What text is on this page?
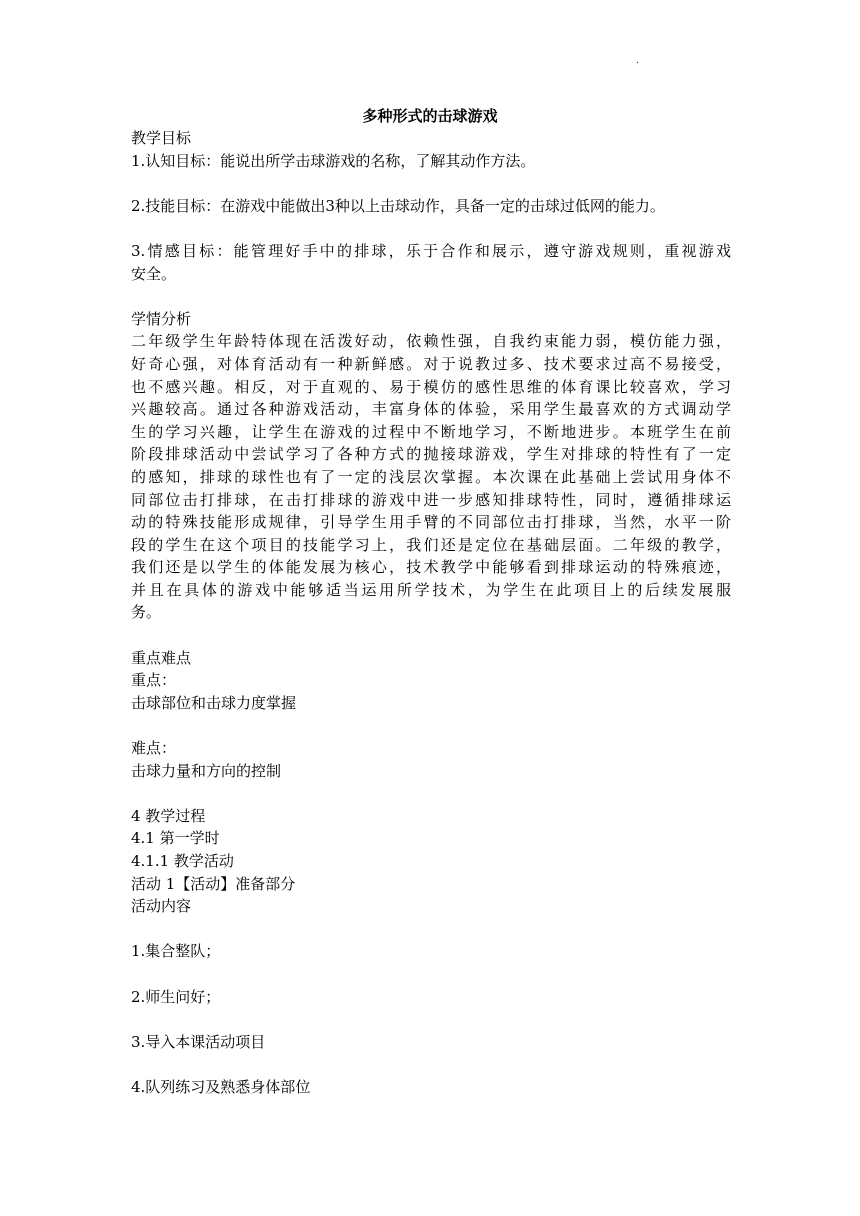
.
多种形式的击球游戏
教学目标
1.认知目标：能说出所学击球游戏的名称，了解其动作方法。
2.技能目标：在游戏中能做出3种以上击球动作，具备一定的击球过低网的能力。
3.情感目标：能管理好手中的排球，乐于合作和展示，遵守游戏规则，重视游戏
安全。
学情分析
二年级学生年龄特体现在活泼好动，依赖性强，自我约束能力弱，模仿能力强，
好奇心强，对体育活动有一种新鲜感。对于说教过多、技术要求过高不易接受，
也不感兴趣。相反，对于直观的、易于模仿的感性思维的体育课比较喜欢，学习
兴趣较高。通过各种游戏活动，丰富身体的体验，采用学生最喜欢的方式调动学
生的学习兴趣，让学生在游戏的过程中不断地学习，不断地进步。本班学生在前
阶段排球活动中尝试学习了各种方式的抛接球游戏，学生对排球的特性有了一定
的感知，排球的球性也有了一定的浅层次掌握。本次课在此基础上尝试用身体不
同部位击打排球，在击打排球的游戏中进一步感知排球特性，同时，遵循排球运
动的特殊技能形成规律，引导学生用手臂的不同部位击打排球，当然，水平一阶
段的学生在这个项目的技能学习上，我们还是定位在基础层面。二年级的教学，
我们还是以学生的体能发展为核心，技术教学中能够看到排球运动的特殊痕迹，
并且在具体的游戏中能够适当运用所学技术，为学生在此项目上的后续发展服
务。
重点难点
重点：
击球部位和击球力度掌握
难点：
击球力量和方向的控制
4 教学过程
4.1 第一学时
4.1.1 教学活动
活动 1【活动】准备部分
活动内容
1.集合整队；
2.师生问好；
3.导入本课活动项目
4.队列练习及熟悉身体部位
